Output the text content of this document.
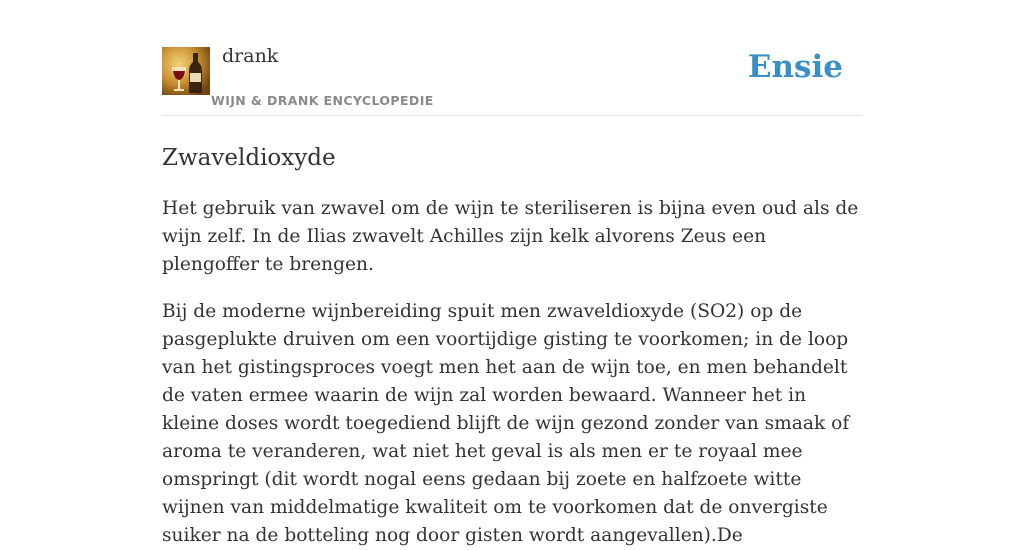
drank
WIJN & DRANK ENCYCLOPEDIE
Ensie
Zwaveldioxyde

Het gebruik van zwavel om de wijn te steriliseren is bijna even oud als de wijn zelf. In de Ilias zwavelt Achilles zijn kelk alvorens Zeus een plengoffer te brengen.

Bij de moderne wijnbereiding spuit men zwaveldioxyde (SO2) op de pasgeplukte druiven om een voortijdige gisting te voorkomen; in de loop van het gistingsproces voegt men het aan de wijn toe, en men behandelt de vaten ermee waarin de wijn zal worden bewaard. Wanneer het in kleine doses wordt toegediend blijft de wijn gezond zonder van smaak of aroma te veranderen, wat niet het geval is als men er te royaal mee omspringt (dit wordt nogal eens gedaan bij zoete en halfzoete witte wijnen van middelmatige kwaliteit om te voorkomen dat de onvergiste suiker na de botteling nog door gisten wordt aangevallen).De
